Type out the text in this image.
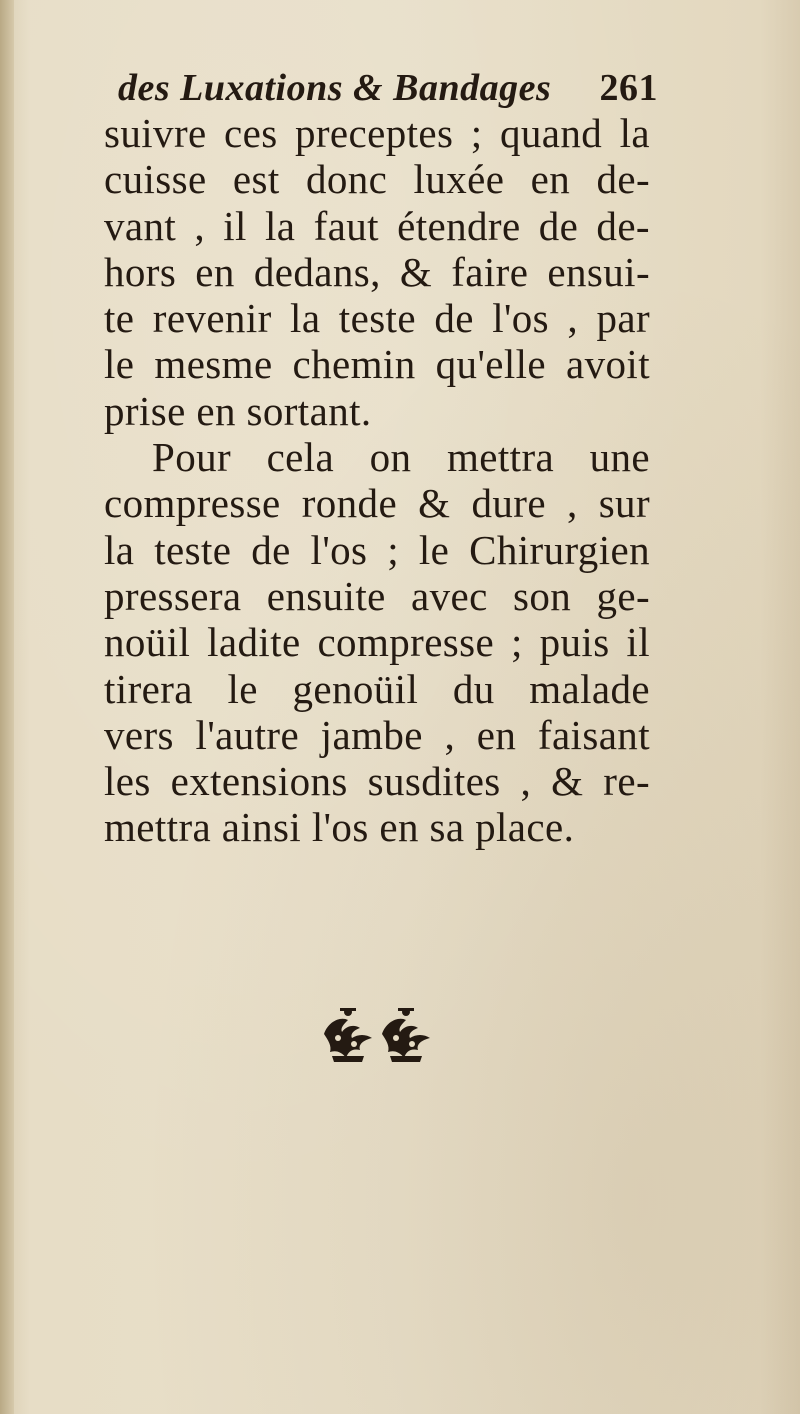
des Luxations & Bandages 261
suivre ces preceptes ; quand la
cuisse est donc luxée en de-
vant , il la faut étendre de de-
hors en dedans, & faire ensui-
te revenir la teste de l'os , par
le mesme chemin qu'elle avoit
prise en sortant.
Pour cela on mettra une
compresse ronde & dure , sur
la teste de l'os ; le Chirurgien
pressera ensuite avec son ge-
noüil ladite compresse ; puis il
tirera le genoüil du malade
vers l'autre jambe , en faisant
les extensions susdites , & re-
mettra ainsi l'os en sa place.
